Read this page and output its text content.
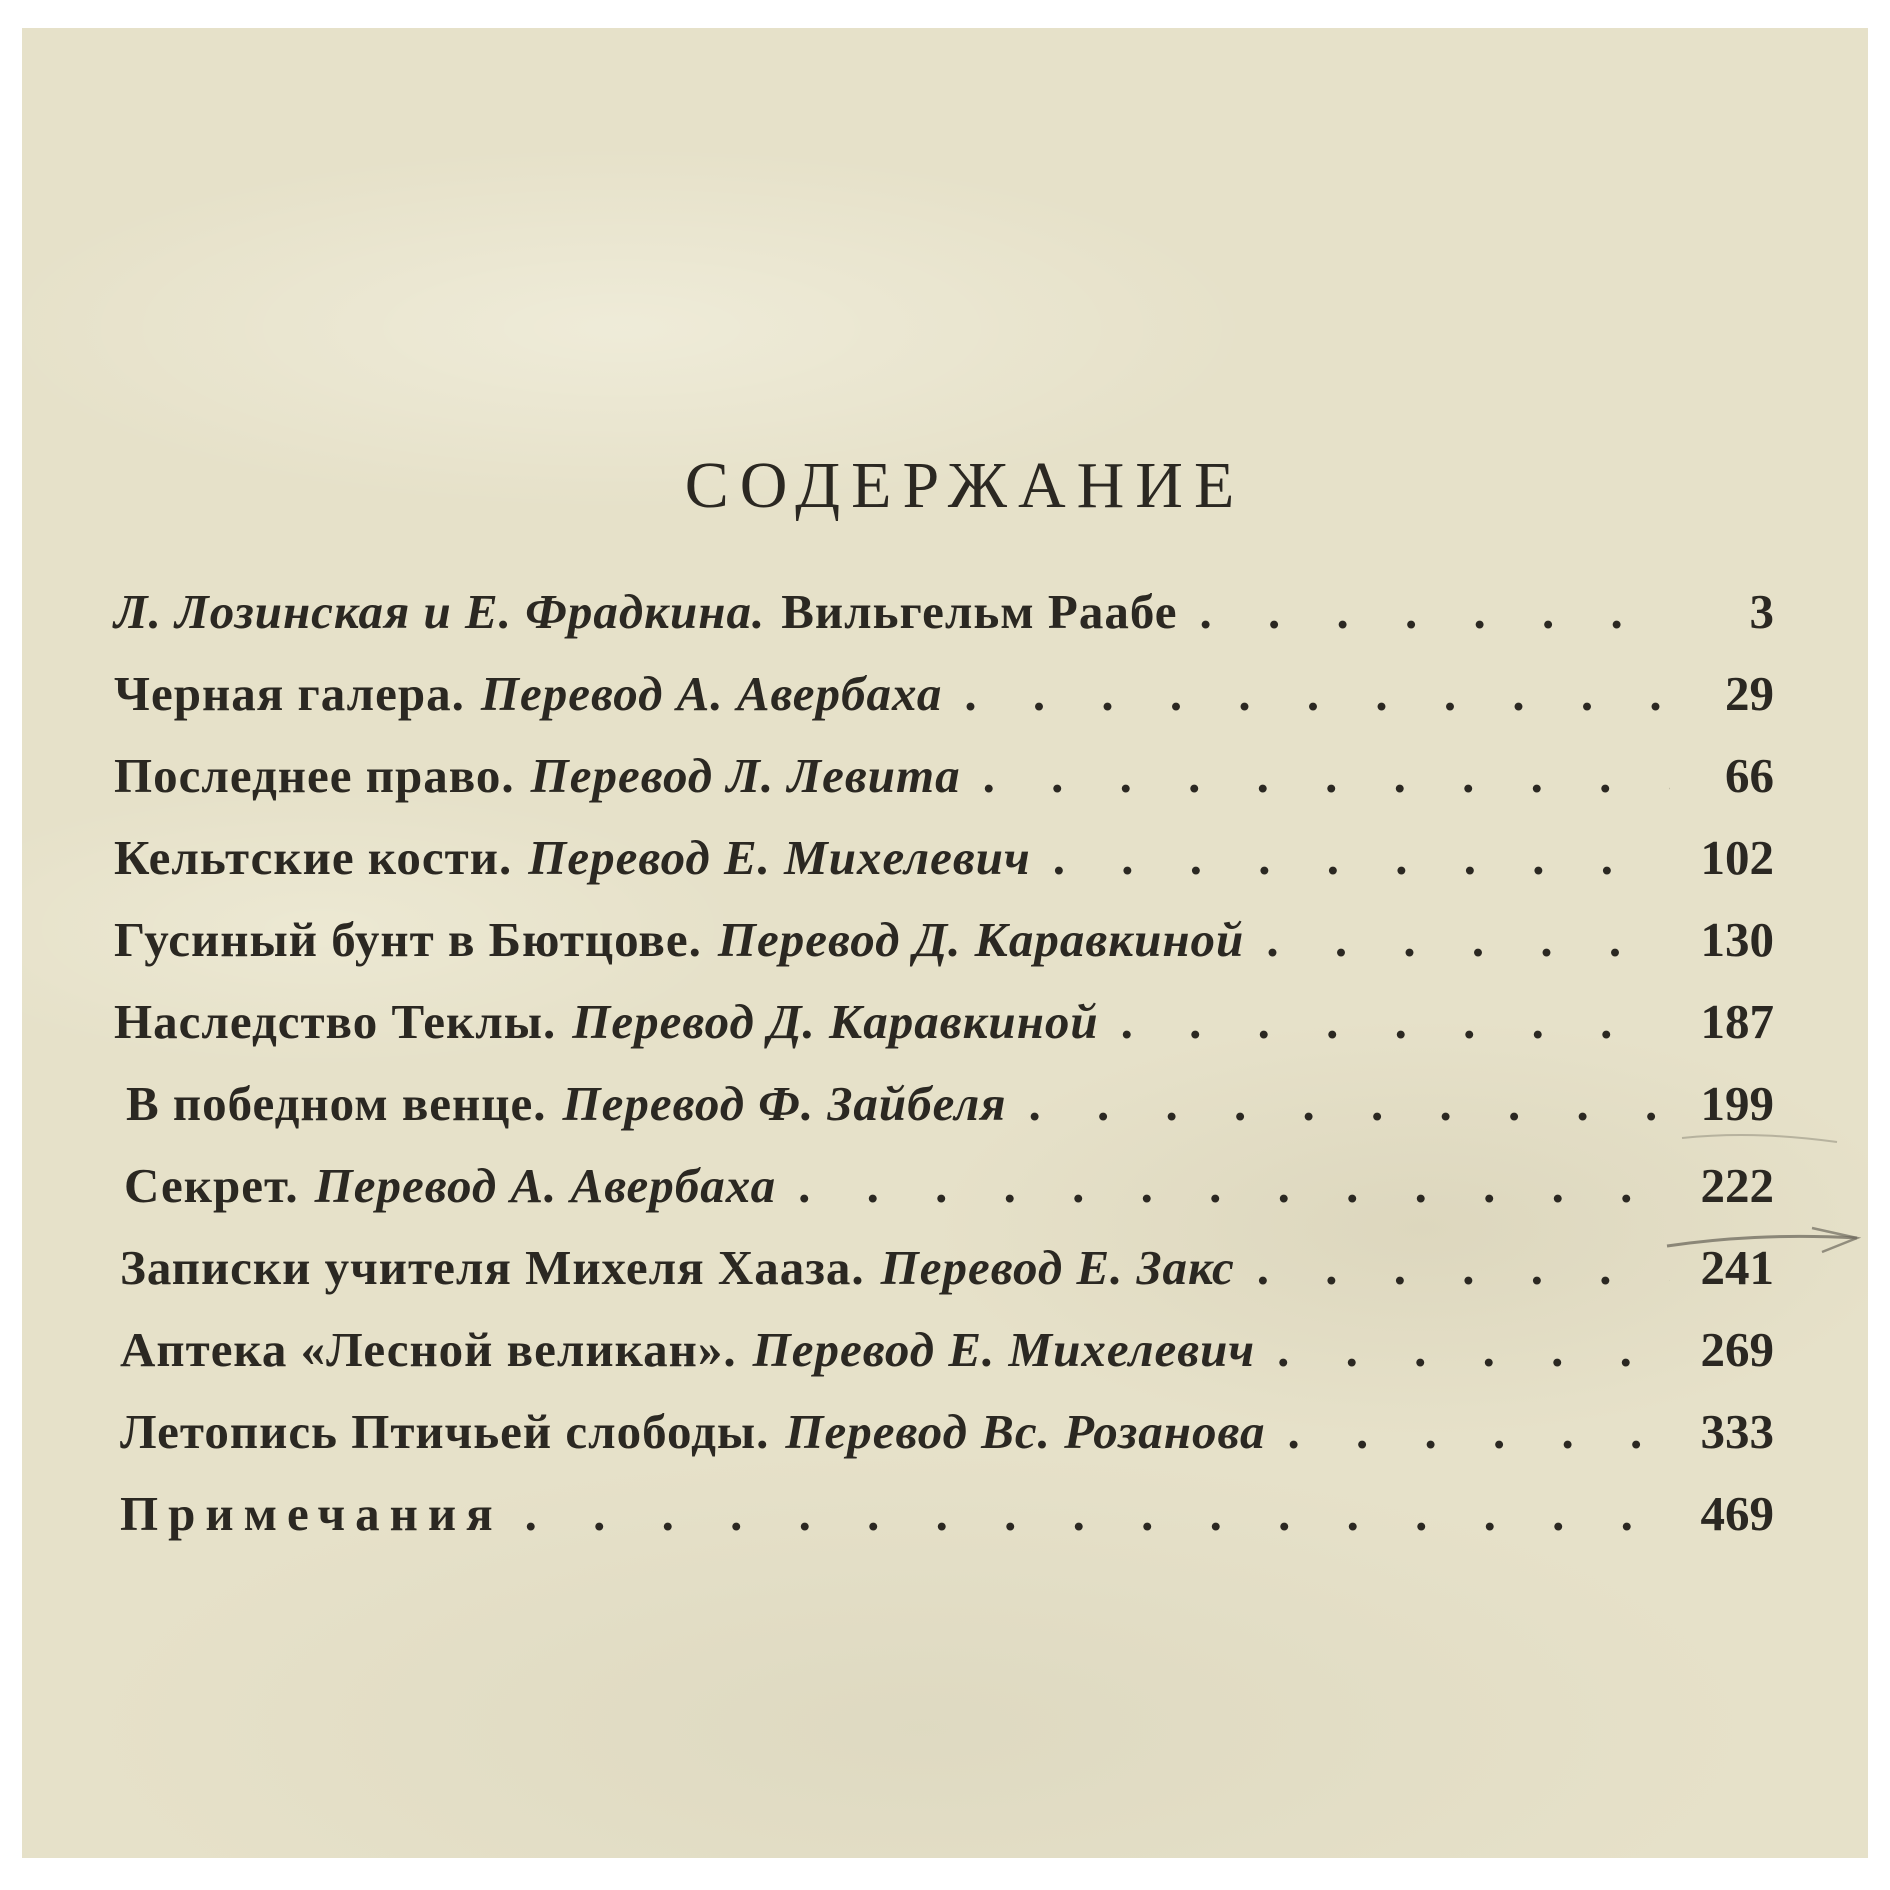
СОДЕРЖАНИЕ
Л. Лозинская и Е. Фрадкина. Вильгельм Раабе . . .	3
Черная галера. Перевод А. Авербаха . . .	29
Последнее право. Перевод Л. Левита . . .	66
Кельтские кости. Перевод Е. Михелевич . . .	102
Гусиный бунт в Бютцове. Перевод Д. Каравкиной . . .	130
Наследство Теклы. Перевод Д. Каравкиной . . .	187
В победном венце. Перевод Ф. Зайбеля . . .	199
Секрет. Перевод А. Авербаха . . .	222
Записки учителя Михеля Хааза. Перевод Е. Закс . . .	241
Аптека «Лесной великан». Перевод Е. Михелевич . . .	269
Летопись Птичьей слободы. Перевод Вс. Розанова . . .	333
Примечания . . .	469
